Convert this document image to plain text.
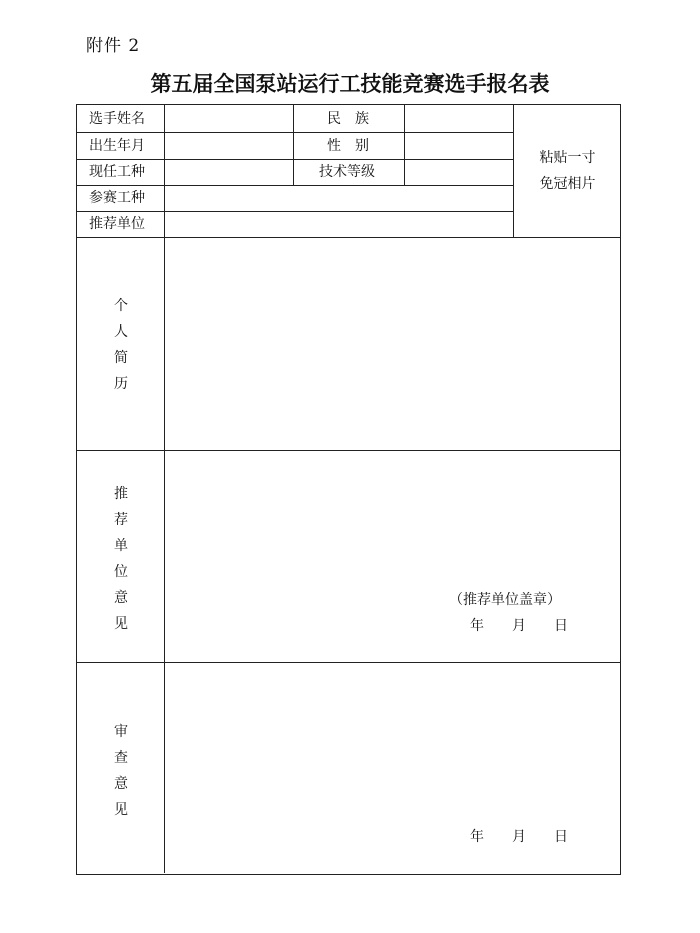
附件 2
第五届全国泵站运行工技能竞赛选手报名表
选手姓名	民　族
出生年月	性　别
现任工种	技术等级
参赛工种
推荐单位
粘贴一寸
免冠相片
个
人
简
历
推
荐
单
位
意
见
（推荐单位盖章）
年　　月　　日
审
查
意
见
年　　月　　日
